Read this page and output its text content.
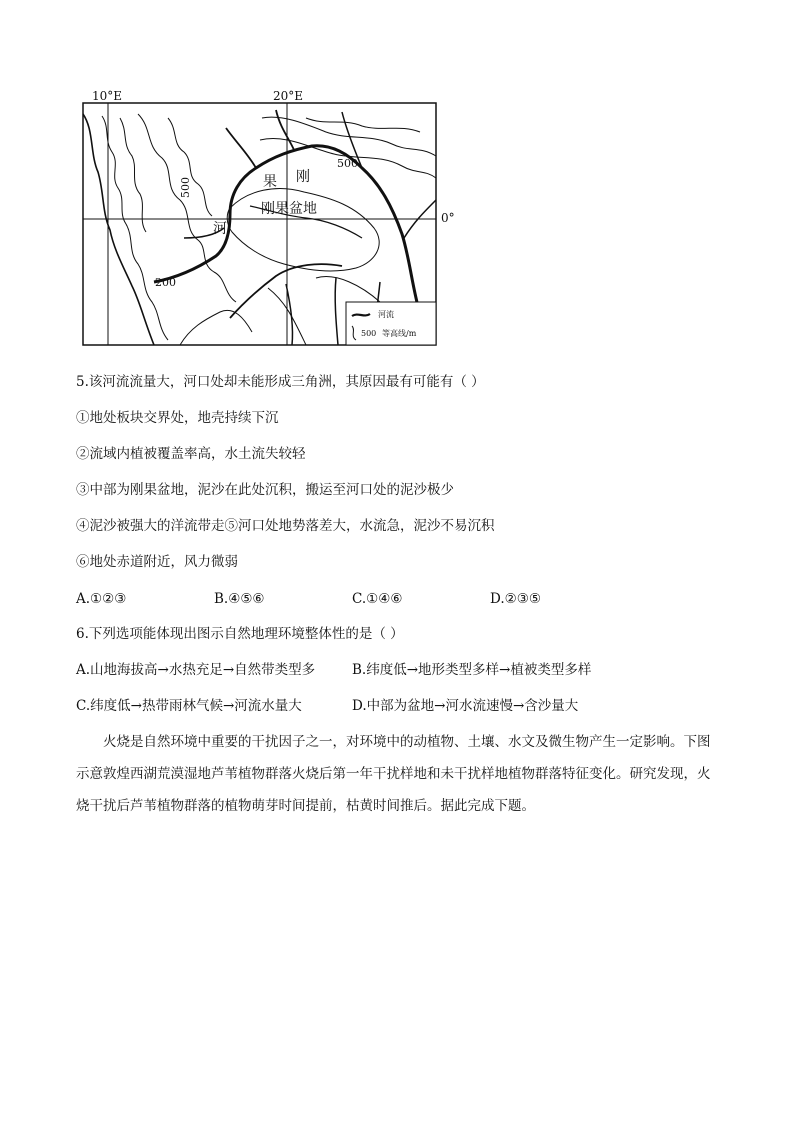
10°E	20°E
0°
果 刚
河
刚果盆地
500
500
200
河流
500 等高线/m
5.该河流流量大，河口处却未能形成三角洲，其原因最有可能有（ ）
①地处板块交界处，地壳持续下沉
②流域内植被覆盖率高，水土流失较轻
③中部为刚果盆地，泥沙在此处沉积，搬运至河口处的泥沙极少
④泥沙被强大的洋流带走⑤河口处地势落差大，水流急，泥沙不易沉积
⑥地处赤道附近，风力微弱
A.①②③	B.④⑤⑥	C.①④⑥	D.②③⑤
6.下列选项能体现出图示自然地理环境整体性的是（ ）
A.山地海拔高→水热充足→自然带类型多	B.纬度低→地形类型多样→植被类型多样
C.纬度低→热带雨林气候→河流水量大	D.中部为盆地→河水流速慢→含沙量大
火烧是自然环境中重要的干扰因子之一，对环境中的动植物、土壤、水文及微生物产生一定影响。下图示意敦煌西湖荒漠湿地芦苇植物群落火烧后第一年干扰样地和未干扰样地植物群落特征变化。研究发现，火烧干扰后芦苇植物群落的植物萌芽时间提前，枯黄时间推后。据此完成下题。
